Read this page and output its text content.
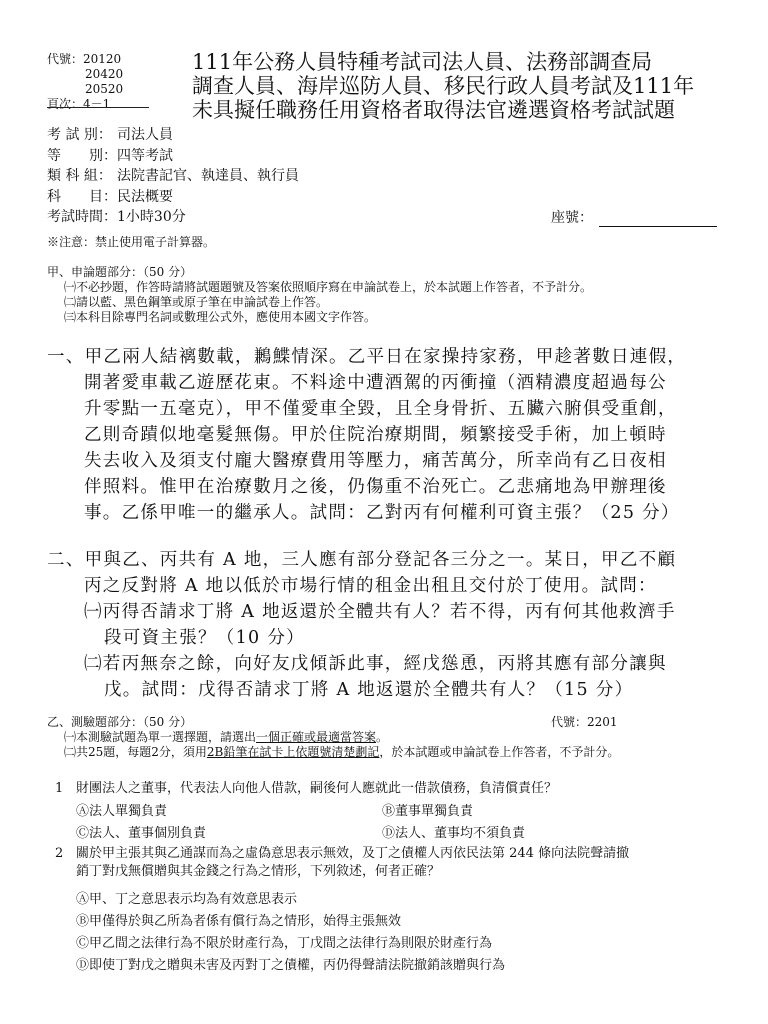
代號：20120
20420
20520
頁次：4－1
111年公務人員特種考試司法人員、法務部調查局
調查人員、海岸巡防人員、移民行政人員考試及111年
未具擬任職務任用資格者取得法官遴選資格考試試題
考 試 別： 司法人員
等　　別： 四等考試
類 科 組： 法院書記官、執達員、執行員
科　　目： 民法概要
考試時間： 1小時30分	座號：
※注意：禁止使用電子計算器。
甲、申論題部分：（50 分）
㈠不必抄題，作答時請將試題題號及答案依照順序寫在申論試卷上，於本試題上作答者，不予計分。
㈡請以藍、黑色鋼筆或原子筆在申論試卷上作答。
㈢本科目除專門名詞或數理公式外，應使用本國文字作答。
一、甲乙兩人結褵數載，鶼鰈情深。乙平日在家操持家務，甲趁著數日連假，
開著愛車載乙遊歷花東。不料途中遭酒駕的丙衝撞（酒精濃度超過每公
升零點一五毫克），甲不僅愛車全毀，且全身骨折、五臟六腑俱受重創，
乙則奇蹟似地毫髮無傷。甲於住院治療期間，頻繁接受手術，加上頓時
失去收入及須支付龐大醫療費用等壓力，痛苦萬分，所幸尚有乙日夜相
伴照料。惟甲在治療數月之後，仍傷重不治死亡。乙悲痛地為甲辦理後
事。乙係甲唯一的繼承人。試問：乙對丙有何權利可資主張？（25 分）
二、甲與乙、丙共有 A 地，三人應有部分登記各三分之一。某日，甲乙不顧
丙之反對將 A 地以低於市場行情的租金出租且交付於丁使用。試問：
㈠丙得否請求丁將 A 地返還於全體共有人？若不得，丙有何其他救濟手
段可資主張？（10 分）
㈡若丙無奈之餘，向好友戊傾訴此事，經戊慫恿，丙將其應有部分讓與
戊。試問：戊得否請求丁將 A 地返還於全體共有人？（15 分）
乙、測驗題部分：（50 分）
㈠本測驗試題為單一選擇題，請選出一個正確或最適當答案。
㈡共25題，每題2分，須用2B鉛筆在試卡上依題號清楚劃記，於本試題或申論試卷上作答者，不予計分。
代號：2201
1 財團法人之董事，代表法人向他人借款，嗣後何人應就此一借款債務，負清償責任？
Ⓐ法人單獨負責	Ⓑ董事單獨負責
Ⓒ法人、董事個別負責	Ⓓ法人、董事均不須負責
2 關於甲主張其與乙通謀而為之虛偽意思表示無效，及丁之債權人丙依民法第 244 條向法院聲請撤
銷丁對戊無償贈與其金錢之行為之情形，下列敘述，何者正確？
Ⓐ甲、丁之意思表示均為有效意思表示
Ⓑ甲僅得於與乙所為者係有償行為之情形，始得主張無效
Ⓒ甲乙間之法律行為不限於財產行為，丁戊間之法律行為則限於財產行為
Ⓓ即使丁對戊之贈與未害及丙對丁之債權，丙仍得聲請法院撤銷該贈與行為
